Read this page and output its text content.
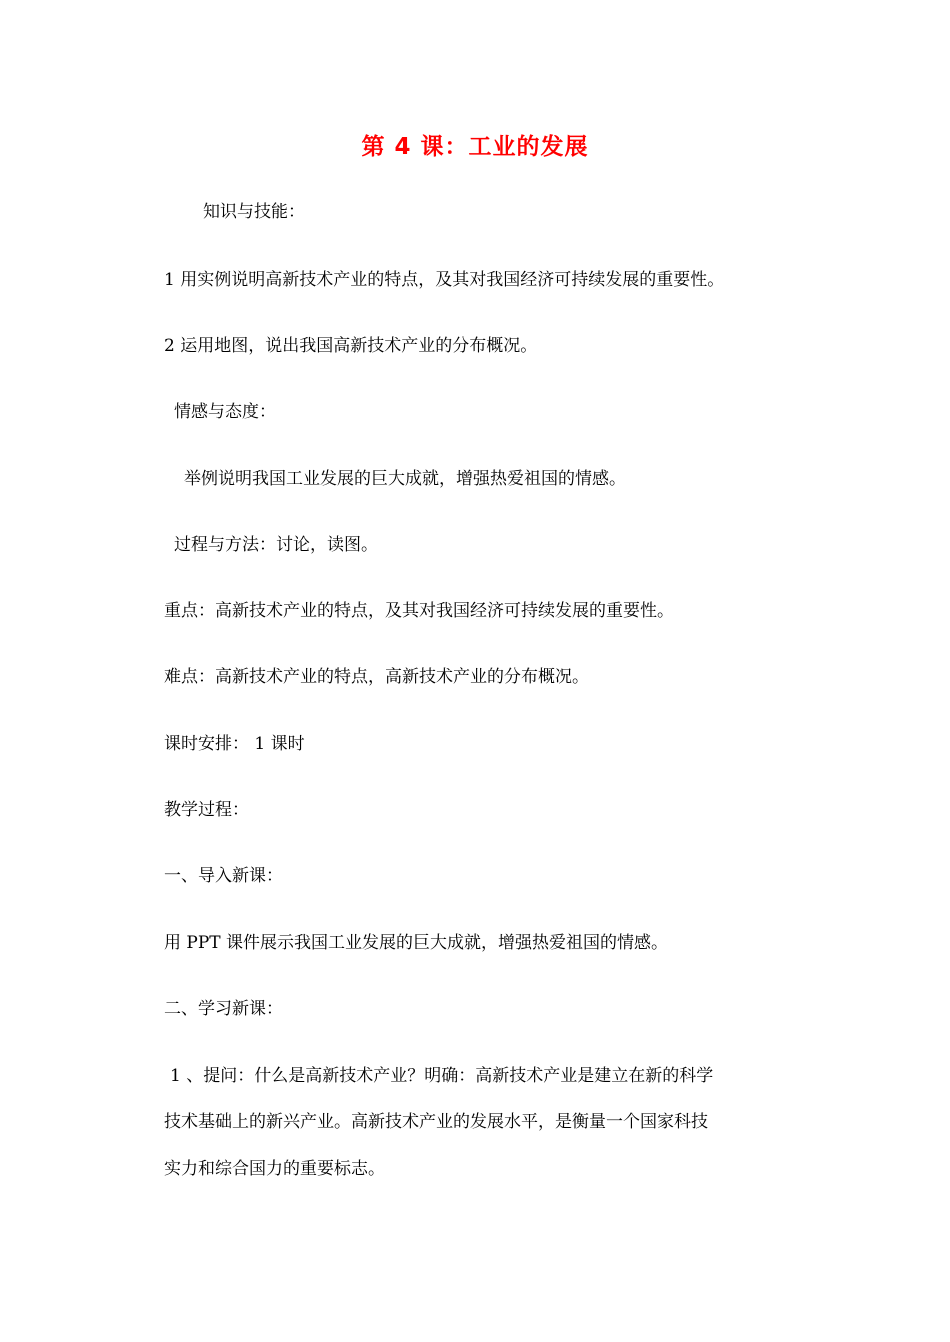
第 4 课：工业的发展
知识与技能：
1 用实例说明高新技术产业的特点，及其对我国经济可持续发展的重要性。
2 运用地图，说出我国高新技术产业的分布概况。
情感与态度：
举例说明我国工业发展的巨大成就，增强热爱祖国的情感。
过程与方法：讨论，读图。
重点：高新技术产业的特点，及其对我国经济可持续发展的重要性。
难点：高新技术产业的特点，高新技术产业的分布概况。
课时安排： 1 课时
教学过程：
一、导入新课：
用 PPT 课件展示我国工业发展的巨大成就，增强热爱祖国的情感。
二、学习新课：
1 、提问：什么是高新技术产业？明确：高新技术产业是建立在新的科学
技术基础上的新兴产业。高新技术产业的发展水平，是衡量一个国家科技
实力和综合国力的重要标志。
